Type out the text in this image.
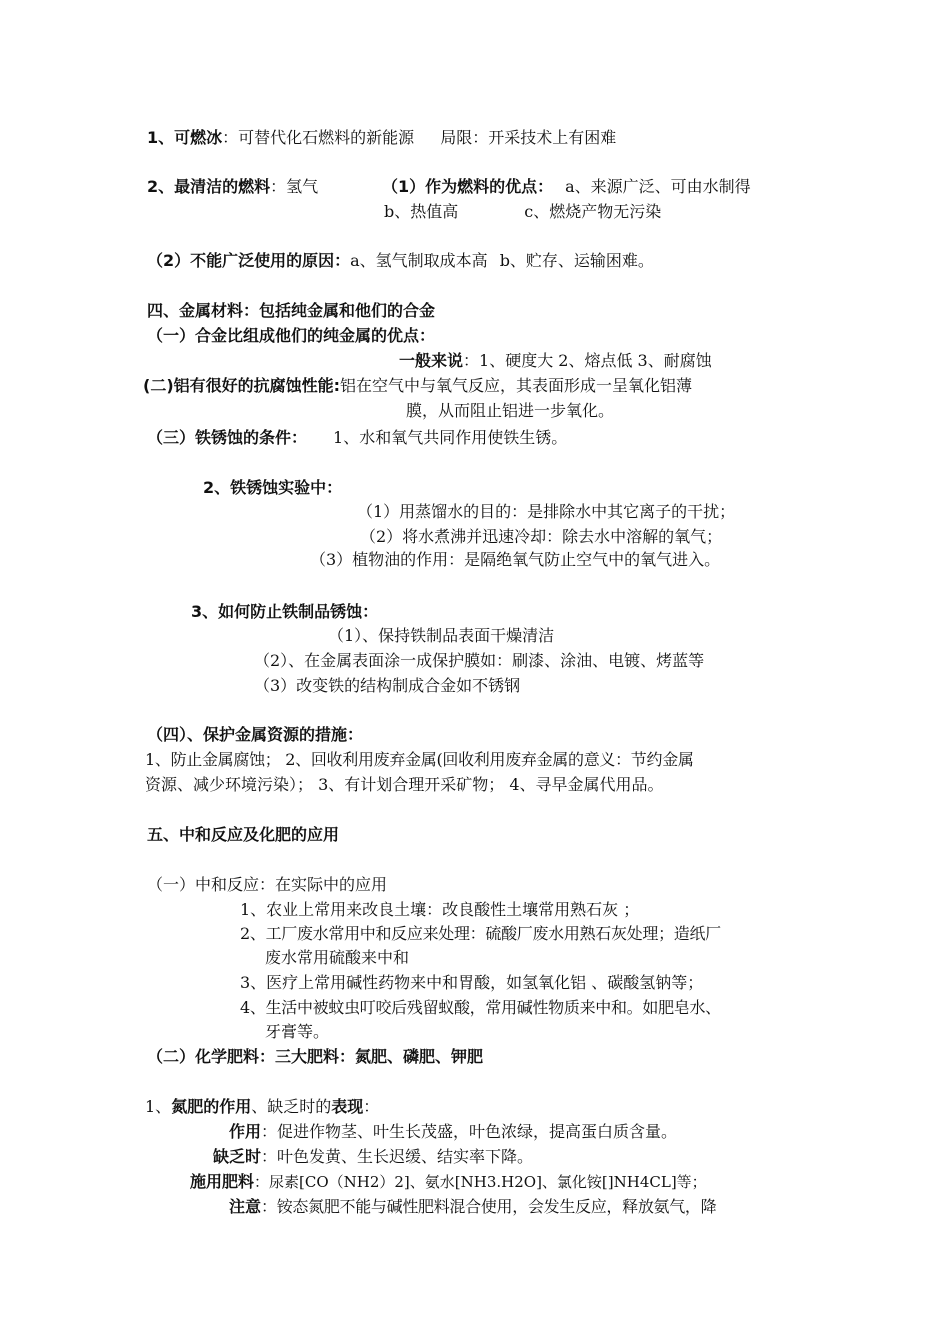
1、可燃冰：可替代化石燃料的新能源 局限：开采技术上有困难
2、最清洁的燃料：氢气	（1）作为燃料的优点： a、来源广泛、可由水制得
b、热值高	c、燃烧产物无污染
（2）不能广泛使用的原因：a、氢气制取成本高 b、贮存、运输困难。
四、金属材料：包括纯金属和他们的合金
（一）合金比组成他们的纯金属的优点：
一般来说：1、硬度大 2、熔点低 3、耐腐蚀
(二)铝有很好的抗腐蚀性能:铝在空气中与氧气反应，其表面形成一呈氧化铝薄
膜，从而阻止铝进一步氧化。
（三）铁锈蚀的条件： 1、水和氧气共同作用使铁生锈。
2、铁锈蚀实验中：
（1）用蒸馏水的目的：是排除水中其它离子的干扰；
（2）将水煮沸并迅速冷却：除去水中溶解的氧气；
（3）植物油的作用：是隔绝氧气防止空气中的氧气进入。
3、如何防止铁制品锈蚀：
（1）、保持铁制品表面干燥清洁
（2）、在金属表面涂一成保护膜如：刷漆、涂油、电镀、烤蓝等
（3）改变铁的结构制成合金如不锈钢
（四）、保护金属资源的措施：
1、防止金属腐蚀； 2、回收利用废弃金属(回收利用废弃金属的意义：节约金属
资源、减少环境污染）； 3、有计划合理开采矿物； 4、寻早金属代用品。
五、中和反应及化肥的应用
（一）中和反应：在实际中的应用
1、农业上常用来改良土壤：改良酸性土壤常用熟石灰 ；
2、工厂废水常用中和反应来处理：硫酸厂废水用熟石灰处理；造纸厂
废水常用硫酸来中和
3、医疗上常用碱性药物来中和胃酸，如氢氧化铝 、碳酸氢钠等；
4、生活中被蚊虫叮咬后残留蚁酸，常用碱性物质来中和。如肥皂水、
牙膏等。
（二）化学肥料：三大肥料：氮肥、磷肥、钾肥
1、氮肥的作用、缺乏时的表现：
作用：促进作物茎、叶生长茂盛，叶色浓绿，提高蛋白质含量。
缺乏时：叶色发黄、生长迟缓、结实率下降。
施用肥料：尿素[CO（NH2）2]、氨水[NH3.H2O]、氯化铵[]NH4CL]等；
注意：铵态氮肥不能与碱性肥料混合使用，会发生反应，释放氨气，降
